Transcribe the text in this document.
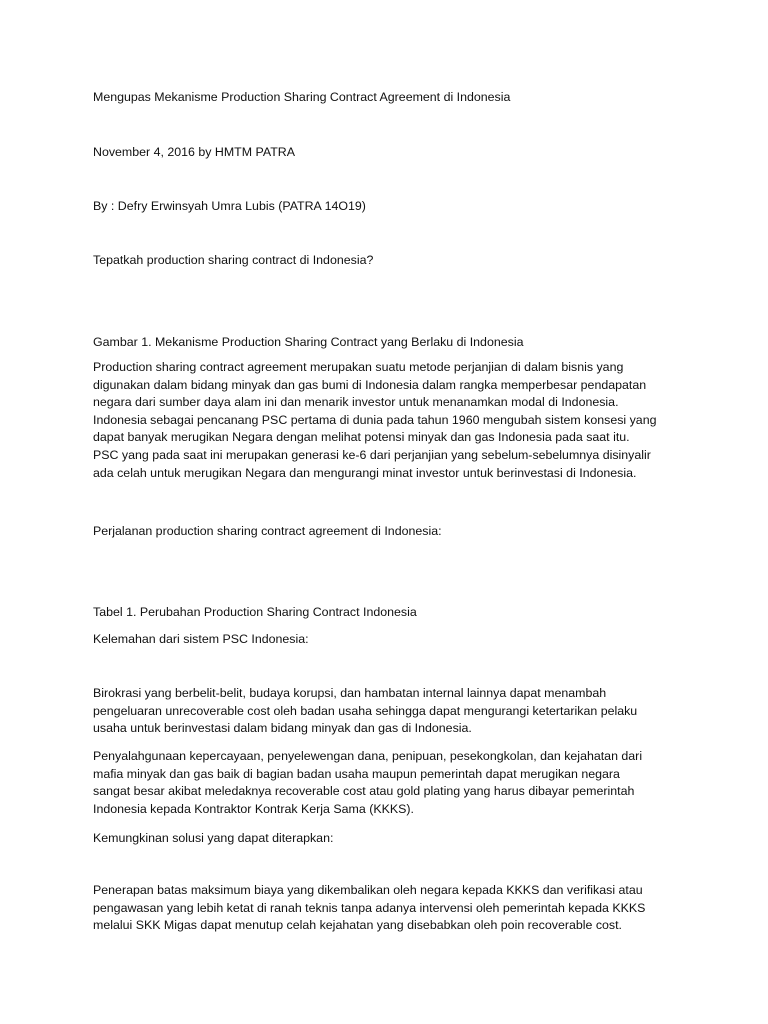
Mengupas Mekanisme Production Sharing Contract Agreement di Indonesia

November 4, 2016 by HMTM PATRA

By : Defry Erwinsyah Umra Lubis (PATRA 14O19)

Tepatkah production sharing contract di Indonesia?

Gambar 1. Mekanisme Production Sharing Contract yang Berlaku di Indonesia

Production sharing contract agreement merupakan suatu metode perjanjian di dalam bisnis yang
digunakan dalam bidang minyak dan gas bumi di Indonesia dalam rangka memperbesar pendapatan
negara dari sumber daya alam ini dan menarik investor untuk menanamkan modal di Indonesia.
Indonesia sebagai pencanang PSC pertama di dunia pada tahun 1960 mengubah sistem konsesi yang
dapat banyak merugikan Negara dengan melihat potensi minyak dan gas Indonesia pada saat itu.
PSC yang pada saat ini merupakan generasi ke-6 dari perjanjian yang sebelum-sebelumnya disinyalir
ada celah untuk merugikan Negara dan mengurangi minat investor untuk berinvestasi di Indonesia.

Perjalanan production sharing contract agreement di Indonesia:

Tabel 1. Perubahan Production Sharing Contract Indonesia

Kelemahan dari sistem PSC Indonesia:

Birokrasi yang berbelit-belit, budaya korupsi, dan hambatan internal lainnya dapat menambah
pengeluaran unrecoverable cost oleh badan usaha sehingga dapat mengurangi ketertarikan pelaku
usaha untuk berinvestasi dalam bidang minyak dan gas di Indonesia.
Penyalahgunaan kepercayaan, penyelewengan dana, penipuan, pesekongkolan, dan kejahatan dari
mafia minyak dan gas baik di bagian badan usaha maupun pemerintah dapat merugikan negara
sangat besar akibat meledaknya recoverable cost atau gold plating yang harus dibayar pemerintah
Indonesia kepada Kontraktor Kontrak Kerja Sama (KKKS).

Kemungkinan solusi yang dapat diterapkan:

Penerapan batas maksimum biaya yang dikembalikan oleh negara kepada KKKS dan verifikasi atau
pengawasan yang lebih ketat di ranah teknis tanpa adanya intervensi oleh pemerintah kepada KKKS
melalui SKK Migas dapat menutup celah kejahatan yang disebabkan oleh poin recoverable cost.
